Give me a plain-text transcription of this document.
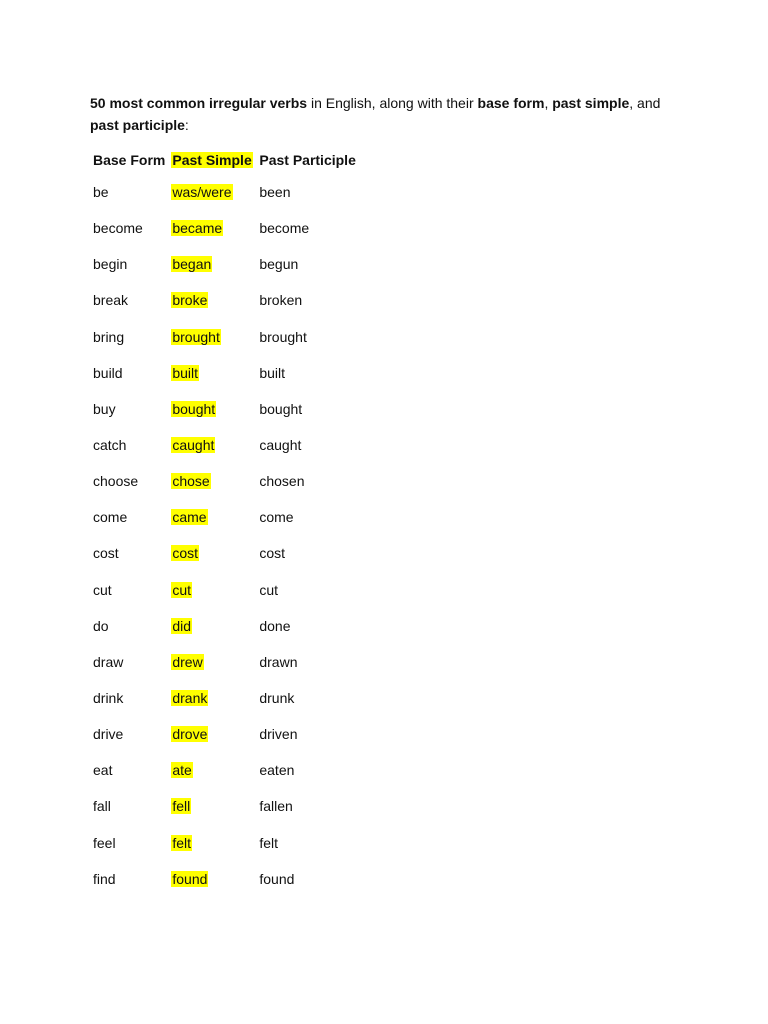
50 most common irregular verbs in English, along with their base form, past simple, and past participle:

Base Form	Past Simple	Past Participle
be	was/were	been
become	became	become
begin	began	begun
break	broke	broken
bring	brought	brought
build	built	built
buy	bought	bought
catch	caught	caught
choose	chose	chosen
come	came	come
cost	cost	cost
cut	cut	cut
do	did	done
draw	drew	drawn
drink	drank	drunk
drive	drove	driven
eat	ate	eaten
fall	fell	fallen
feel	felt	felt
find	found	found
